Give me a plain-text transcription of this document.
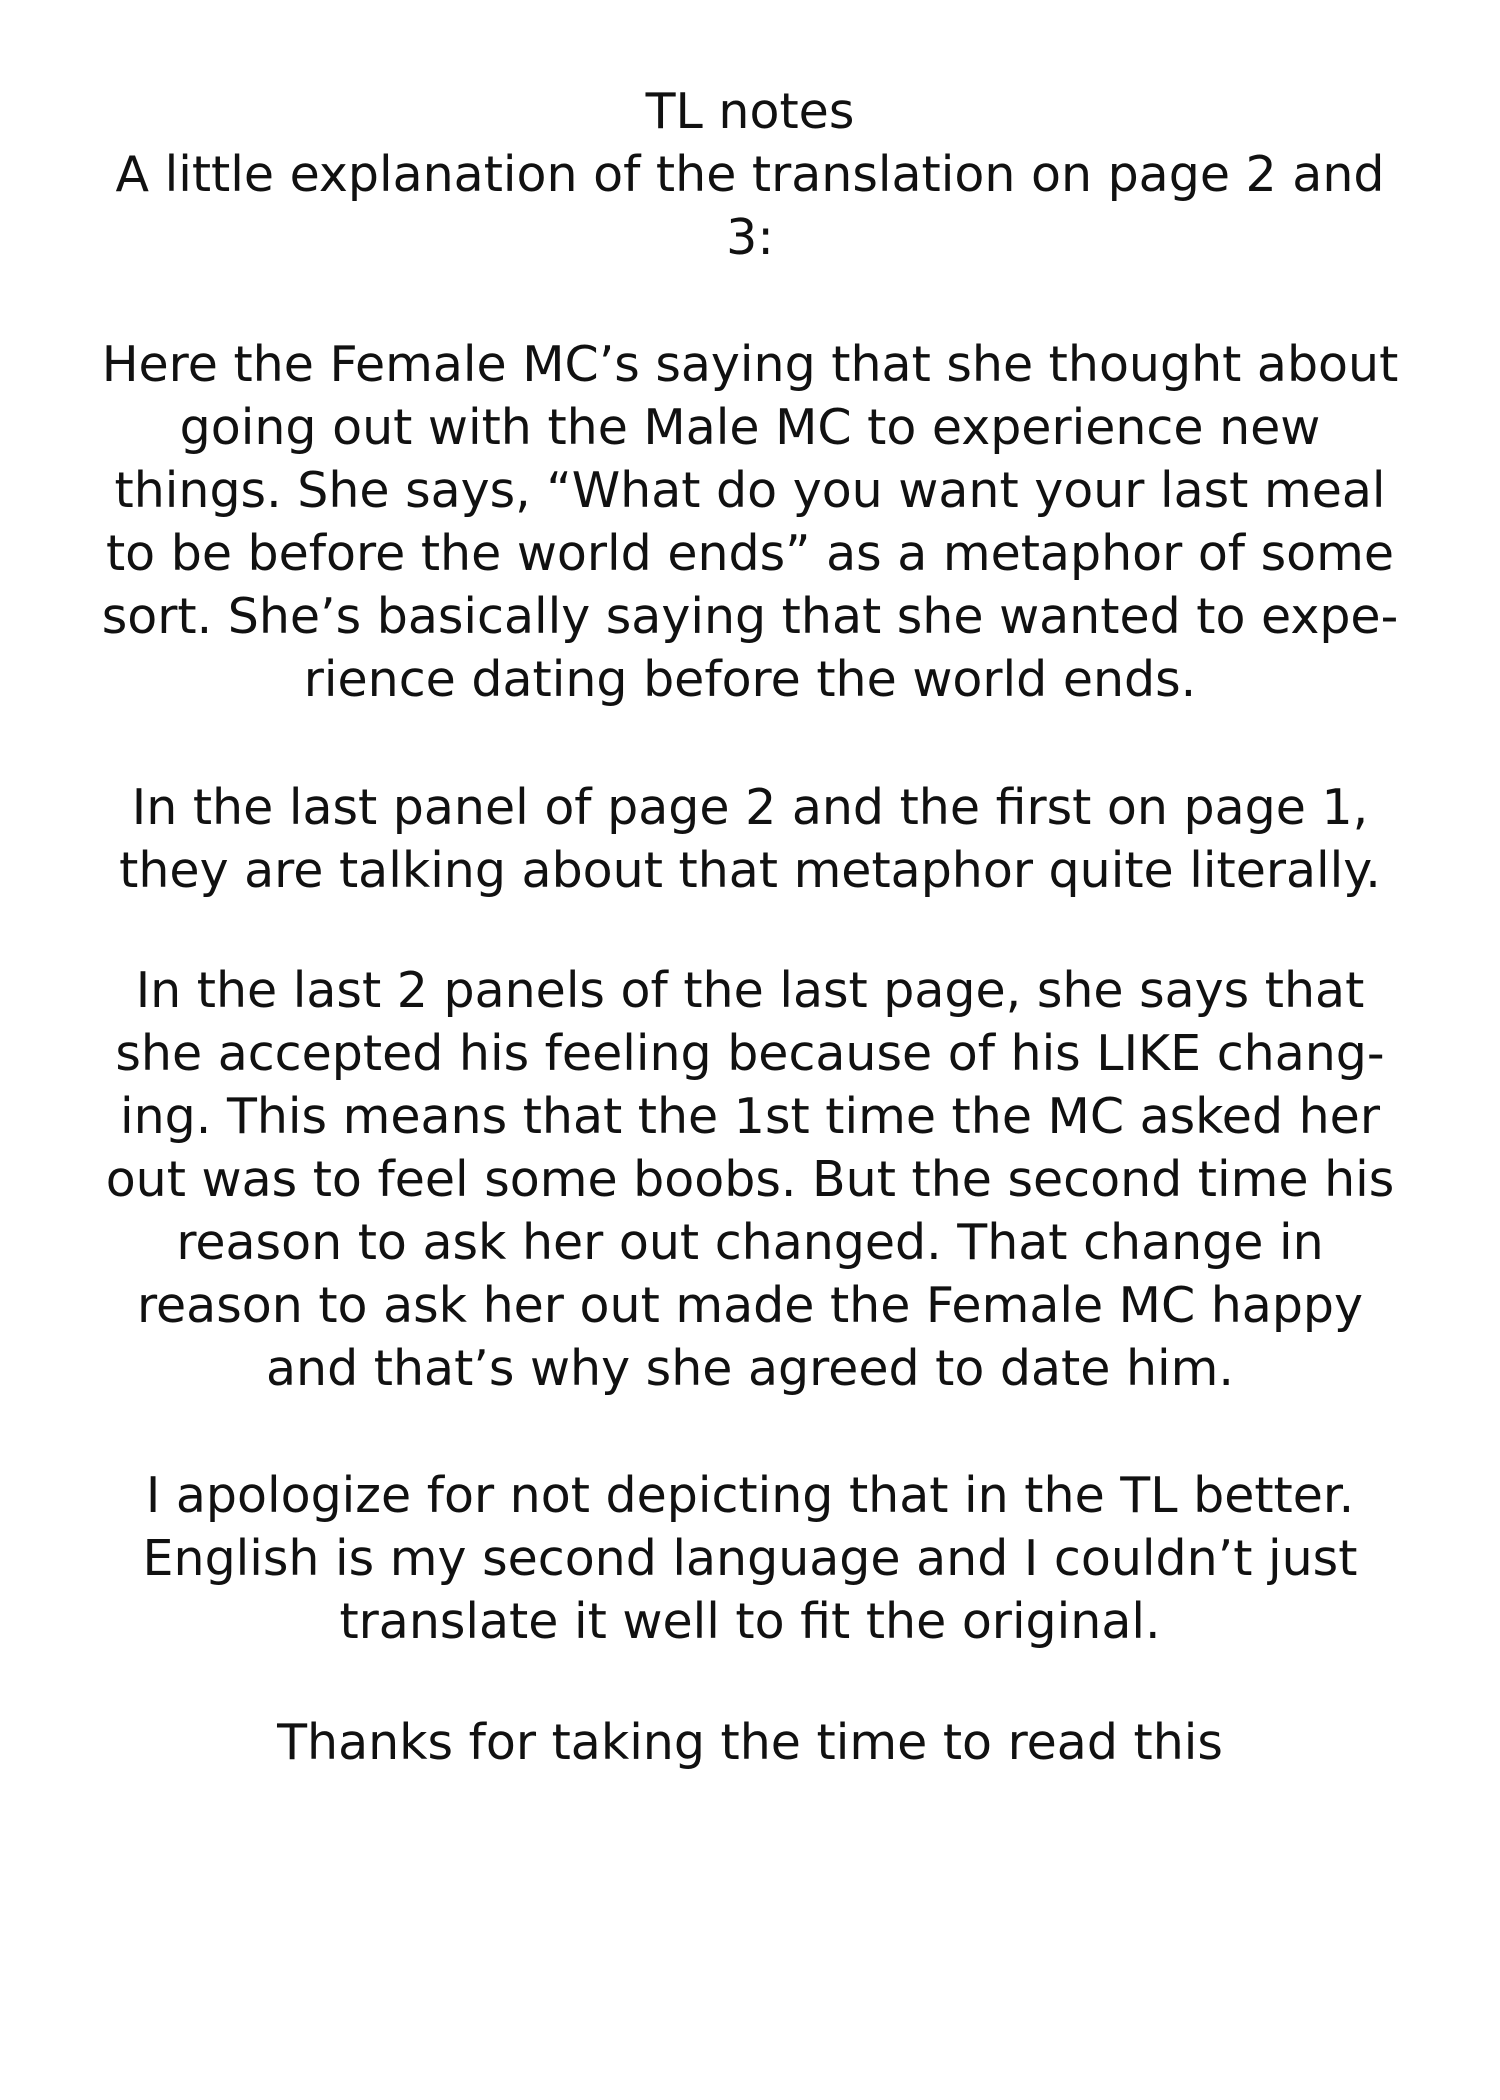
TL notes
A little explanation of the translation on page 2 and
3:
Here the Female MC’s saying that she thought about
going out with the Male MC to experience new
things. She says, “What do you want your last meal
to be before the world ends” as a metaphor of some
sort. She’s basically saying that she wanted to expe-
rience dating before the world ends.
In the last panel of page 2 and the first on page 1,
they are talking about that metaphor quite literally.
In the last 2 panels of the last page, she says that
she accepted his feeling because of his LIKE chang-
ing. This means that the 1st time the MC asked her
out was to feel some boobs. But the second time his
reason to ask her out changed. That change in
reason to ask her out made the Female MC happy
and that’s why she agreed to date him.
I apologize for not depicting that in the TL better.
English is my second language and I couldn’t just
translate it well to fit the original.
Thanks for taking the time to read this
